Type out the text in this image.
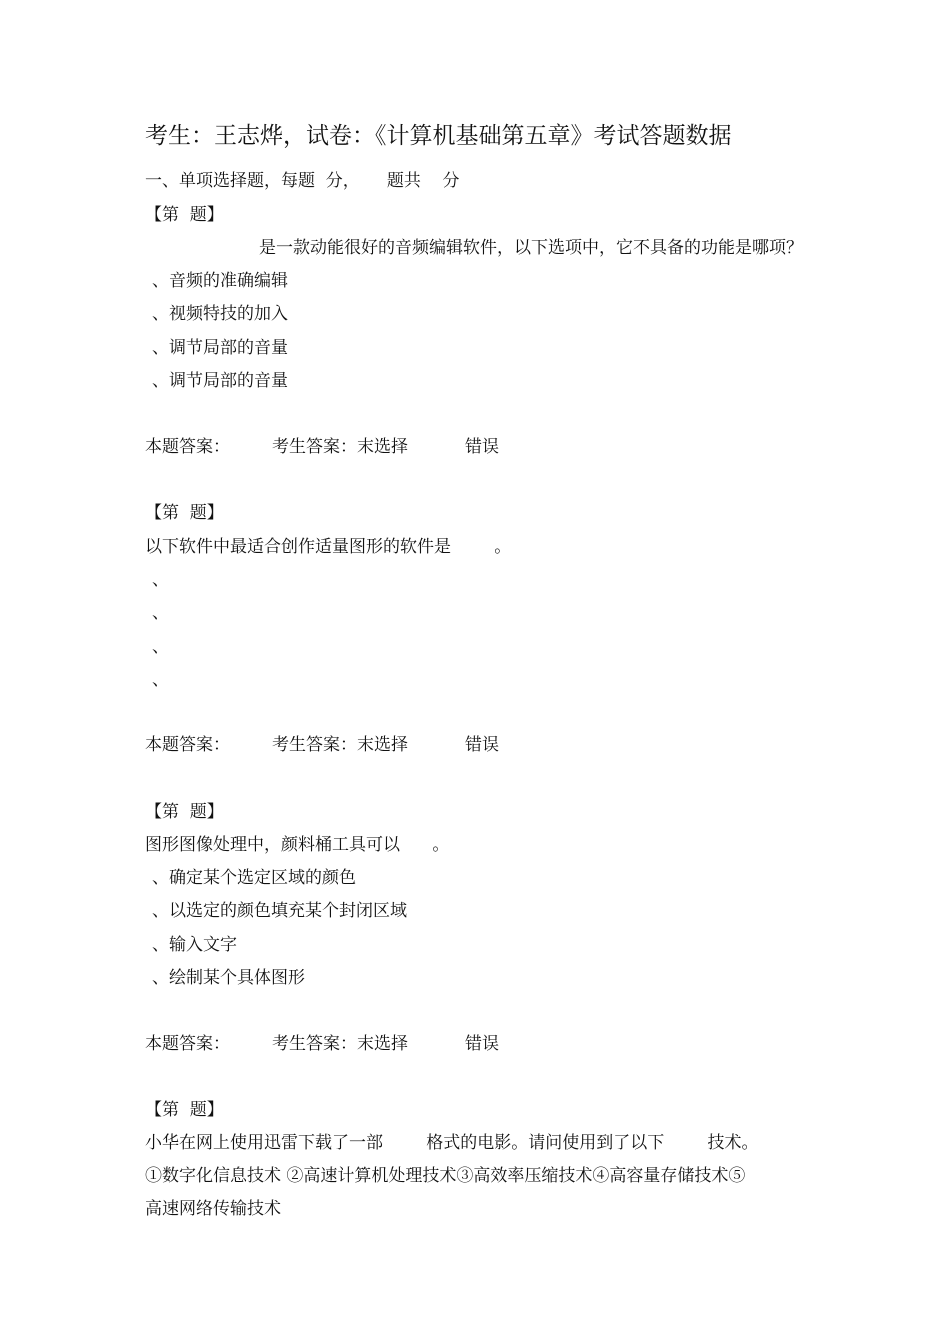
考生：王志烨，试卷：《计算机基础第五章》考试答题数据
一、单项选择题，每题  分，     题共    分
【第  题】
是一款动能很好的音频编辑软件，以下选项中，它不具备的功能是哪项？
、音频的准确编辑
、视频特技的加入
、调节局部的音量
、调节局部的音量
本题答案： 考生答案：末选择	错误
【第  题】
以下软件中最适合创作适量图形的软件是        。
、
、
、
、
本题答案： 考生答案：末选择	错误
【第  题】
图形图像处理中，颜料桶工具可以      。
、确定某个选定区域的颜色
、以选定的颜色填充某个封闭区域
、输入文字
、绘制某个具体图形
本题答案： 考生答案：末选择	错误
【第  题】
小华在网上使用迅雷下载了一部        格式的电影。请问使用到了以下        技术。
①数字化信息技术 ②高速计算机处理技术③高效率压缩技术④高容量存储技术⑤
高速网络传输技术
